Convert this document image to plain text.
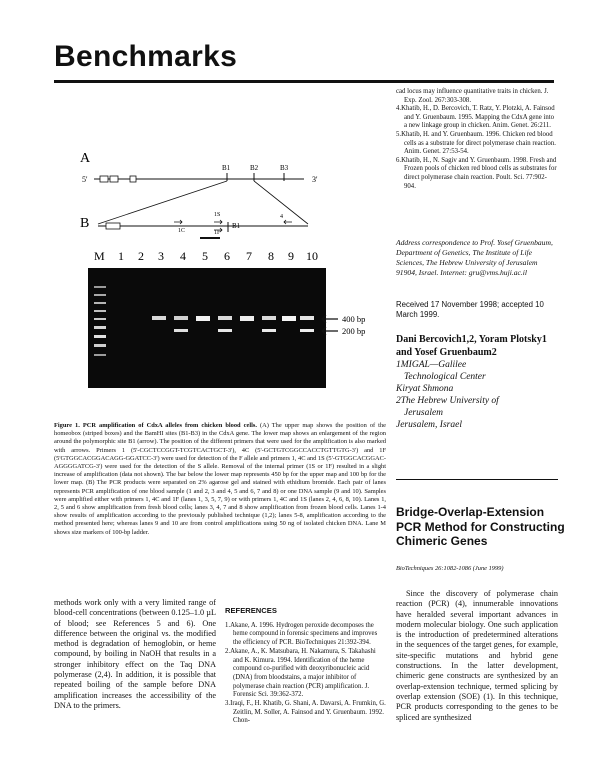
Benchmarks
A
B
5'	3'
B1	B2	B3
1C
1S	4
1F
B1
M 1 2 3 4 5 6 7 8 9 10
400 bp
200 bp
Figure 1. PCR amplification of CdxA alleles from chicken blood cells. (A) The upper map shows the position of the homeobox (striped boxes) and the BamHI sites (B1-B3) in the CdxA gene. The lower map shows an enlargement of the region around the polymorphic site B1 (arrow). The position of the different primers that were used for the amplification is also marked with arrows. Primers 1 (5'-CGCTCCGGT-TCGTCACTGCT-3'), 4C (5'-GCTGTCGGCCACCTGTTGTG-3') and 1F (5'GTGGCACGGACAGG-GGATCC-3') were used for detection of the F allele and primers 1, 4C and 1S (5'-GTGGCACGGAC-AGGGGATCG-3') were used for the detection of the S allele. Removal of the internal primer (1S or 1F) resulted in a slight increase of amplification (data not shown). The bar below the lower map represents 450 bp for the upper map and 100 bp for the lower map. (B) The PCR products were separated on 2% agarose gel and stained with ethidium bromide. Each pair of lanes represents PCR amplification of one blood sample (1 and 2, 3 and 4, 5 and 6, 7 and 8) or one DNA sample (9 and 10). Samples were amplified either with primers 1, 4C and 1F (lanes 1, 3, 5, 7, 9) or with primers 1, 4C and 1S (lanes 2, 4, 6, 8, 10). Lanes 1, 2, 5 and 6 show amplification from fresh blood cells; lanes 3, 4, 7 and 8 show amplification from frozen blood cells. Lanes 1-4 show results of amplification according to the previously published technique (1,2); lanes 5-8, amplification according to the method presented here; whereas lanes 9 and 10 are from control amplifications using 50 ng of isolated chicken DNA. Lane M shows size markers of 100-bp ladder.

cad locus may influence quantitative traits in chicken. J. Exp. Zool. 267:303-308.

4.Khatib, H., D. Bercovich, T. Ratz, Y. Plotzki, A. Fainsod and Y. Gruenbaum. 1995. Mapping the CdxA gene into a new linkage group in chicken. Anim. Genet. 26:211.

5.Khatib, H. and Y. Gruenbaum. 1996. Chicken red blood cells as a substrate for direct polymerase chain reaction. Anim. Genet. 27:53-54.

6.Khatib, H., N. Sagiv and Y. Gruenbaum. 1998. Fresh and Frozen pools of chicken red blood cells as substrates for direct polymerase chain reaction. Poult. Sci. 77:902-904.

Address correspondence to Prof. Yosef Gruenbaum, Department of Genetics, The Institute of Life Sciences, The Hebrew University of Jerusalem 91904, Israel. Internet: gru@vms.huji.ac.il
Received 17 November 1998; accepted 10 March 1999.
Dani Bercovich1,2, Yoram Plotsky1 and Yosef Gruenbaum2
1MIGAL—Galilee
Technological Center
Kiryat Shmona
2The Hebrew University of
Jerusalem
Jerusalem, Israel
Bridge-Overlap-Extension PCR Method for Constructing Chimeric Genes
BioTechniques 26:1082-1086 (June 1999)
methods work only with a very limited range of blood-cell concentrations (between 0.125–1.0 µL of blood; see References 5 and 6). One difference between the original vs. the modified method is degradation of hemoglobin, or heme compound, by boiling in NaOH that results in a stronger inhibitory effect on the Taq DNA polymerase (2,4). In addition, it is possible that repeated boiling of the sample before DNA amplification increases the accessibility of the DNA to the primers.
REFERENCES

1.Akane, A. 1996. Hydrogen peroxide decomposes the heme compound in forensic specimens and improves the efficiency of PCR. BioTechniques 21:392-394.

2.Akane, A., K. Matsubara, H. Nakamura, S. Takahashi and K. Kimura. 1994. Identification of the heme compound co-purified with deoxyribonucleic acid (DNA) from bloodstains, a major inhibitor of polymerase chain reaction (PCR) amplification. J. Forensic Sci. 39:362-372.

3.Iraqi, F., H. Khatib, G. Shani, A. Davarsi, A. Frumkin, G. Zeitlin, M. Soller, A. Fainsod and Y. Gruenbaum. 1992. Chon-

Since the discovery of polymerase chain reaction (PCR) (4), innumerable innovations have heralded several important advances in modern molecular biology. One such application is the introduction of predetermined alterations in the sequences of the target genes, for example, site-specific mutations and hybrid gene constructions. In the latter development, chimeric gene constructs are synthesized by an overlap-extension technique, termed splicing by overlap extension (SOE) (1). In this technique, PCR products corresponding to the genes to be spliced are synthesized
